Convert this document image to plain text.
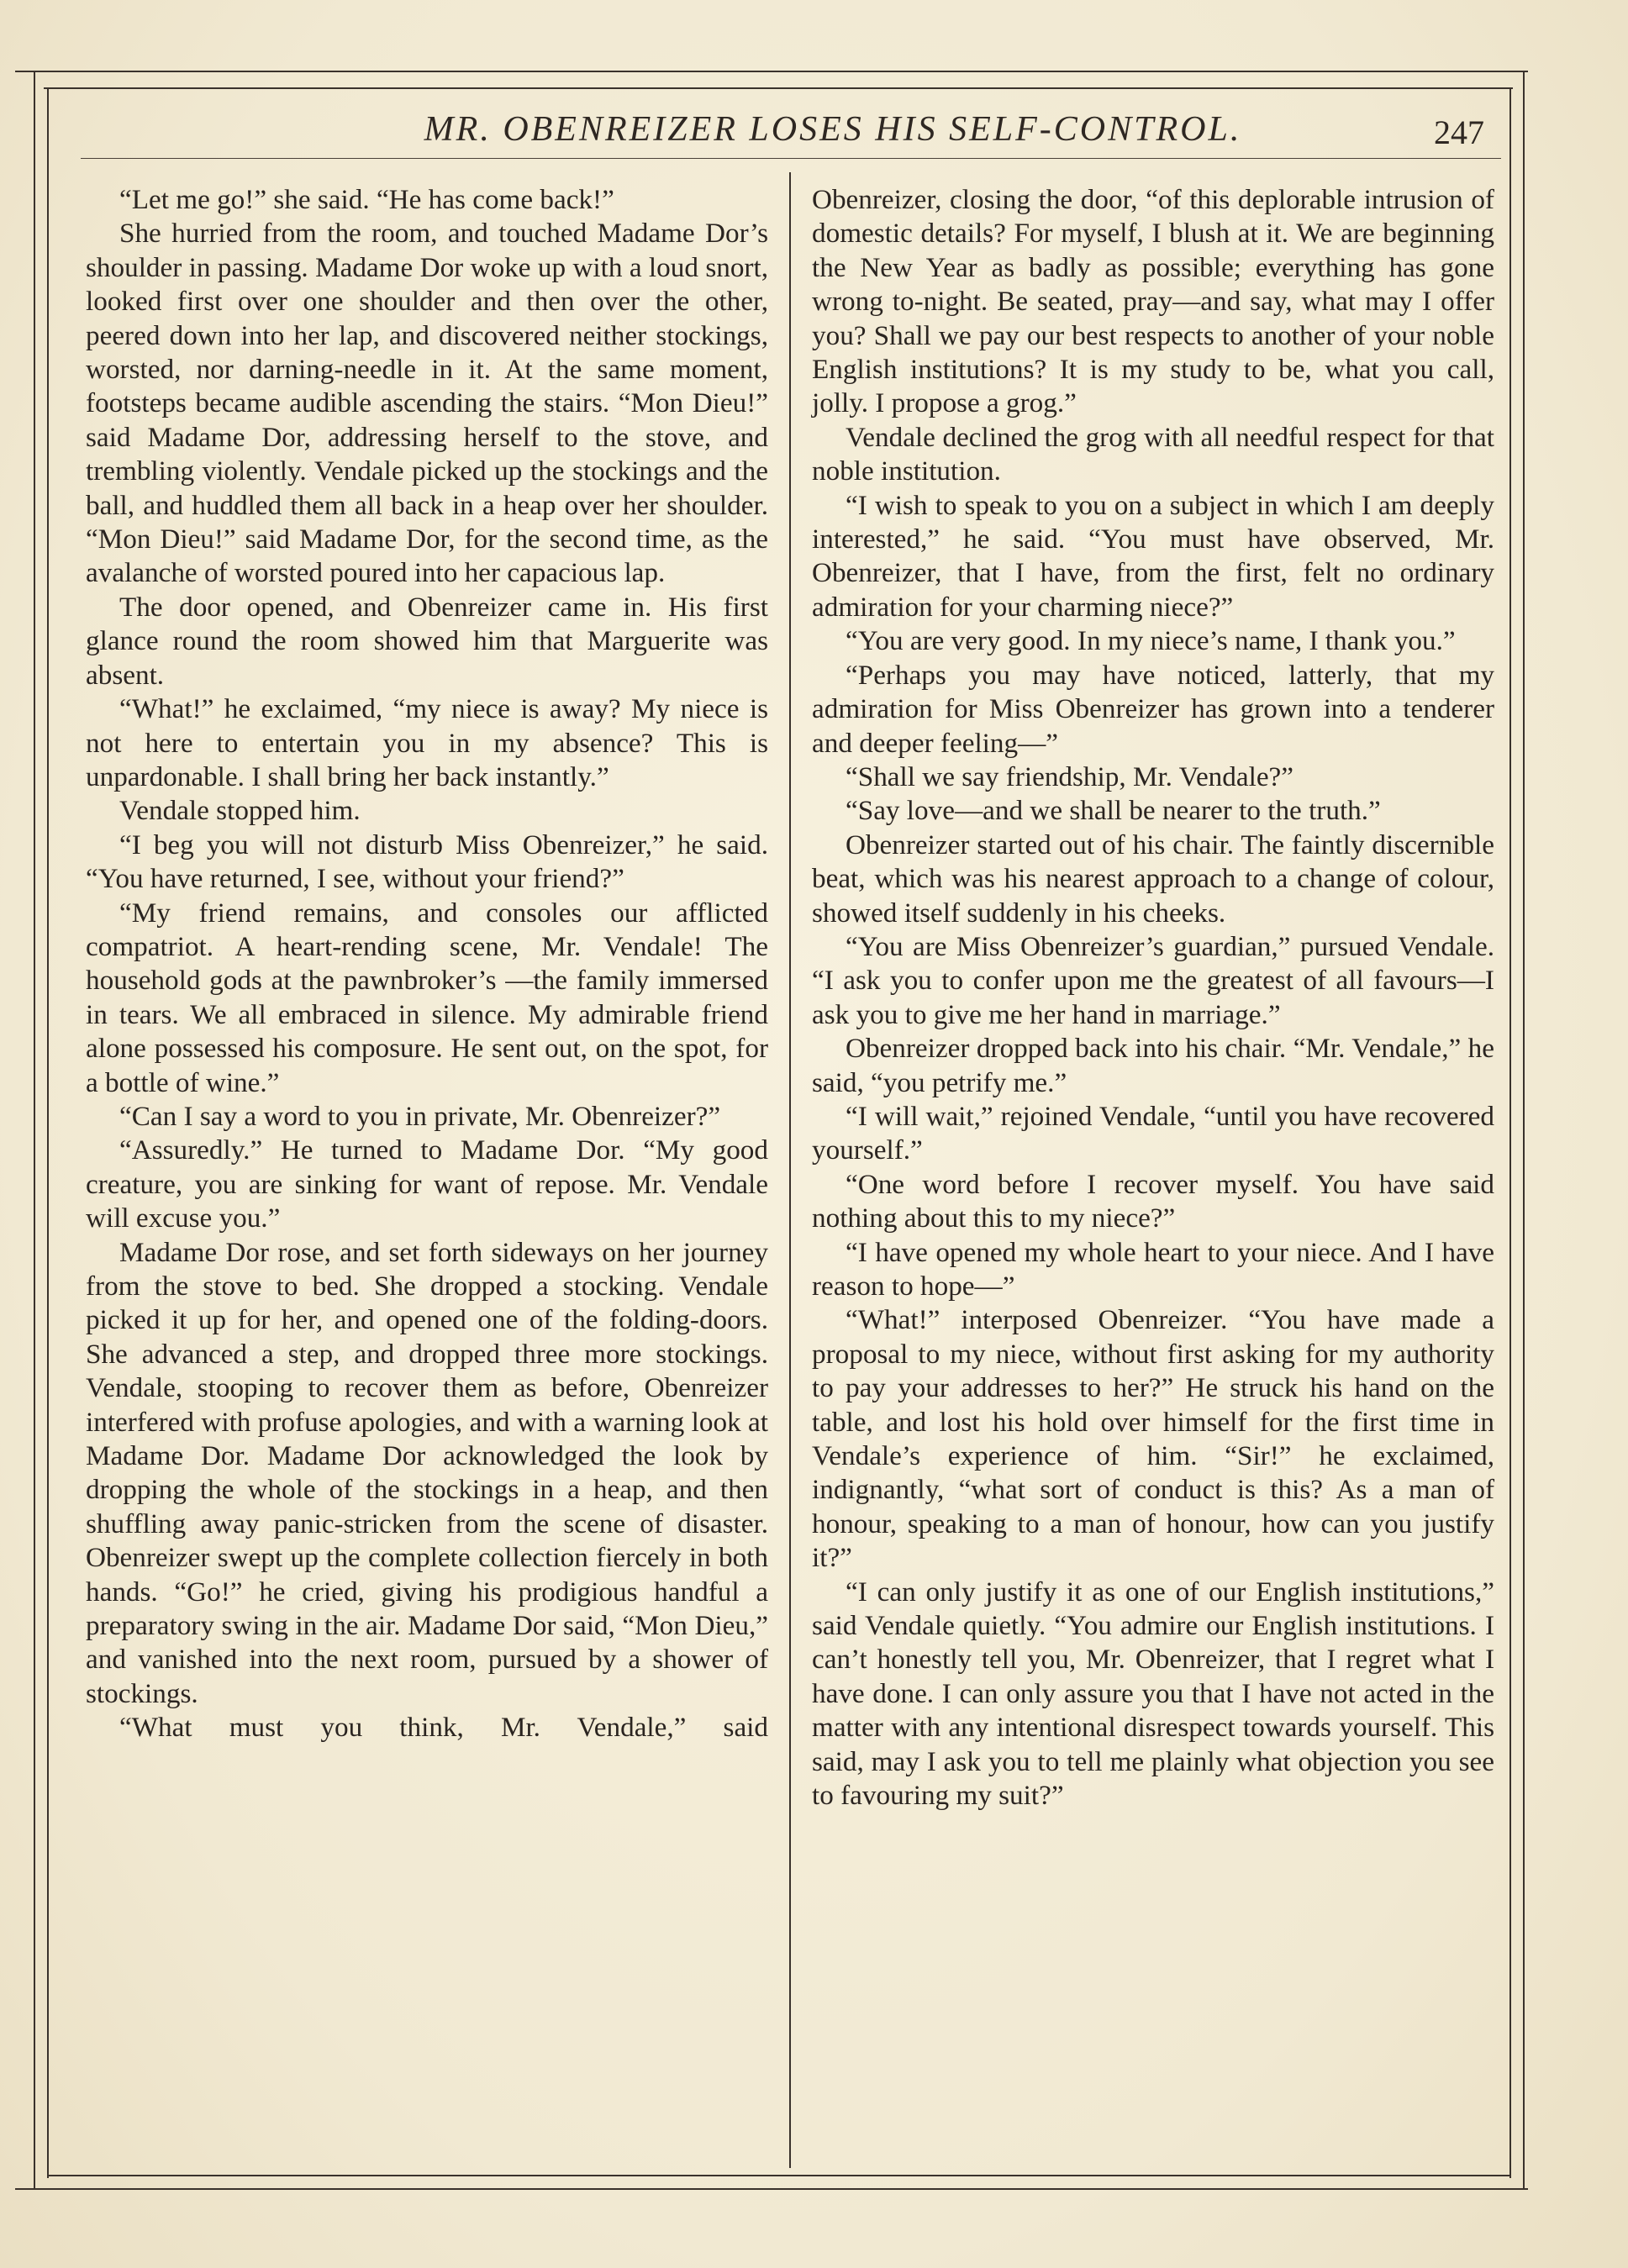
MR. OBENREIZER LOSES HIS SELF-CONTROL.	247

“Let me go!” she said. “He has come back!”

She hurried from the room, and touched Madame Dor’s shoulder in passing. Madame Dor woke up with a loud snort, looked first over one shoulder and then over the other, peered down into her lap, and discovered neither stockings, worsted, nor darning-needle in it. At the same moment, footsteps became audible ascending the stairs. “Mon Dieu!” said Madame Dor, addressing herself to the stove, and trembling violently. Vendale picked up the stockings and the ball, and huddled them all back in a heap over her shoulder. “Mon Dieu!” said Madame Dor, for the second time, as the avalanche of worsted poured into her capacious lap.

The door opened, and Obenreizer came in. His first glance round the room showed him that Marguerite was absent.

“What!” he exclaimed, “my niece is away? My niece is not here to entertain you in my absence? This is unpardonable. I shall bring her back instantly.”

Vendale stopped him.

“I beg you will not disturb Miss Obenreizer,” he said. “You have returned, I see, without your friend?”

“My friend remains, and consoles our afflicted compatriot. A heart-rending scene, Mr. Vendale! The household gods at the pawnbroker’s —the family immersed in tears. We all embraced in silence. My admirable friend alone possessed his composure. He sent out, on the spot, for a bottle of wine.”

“Can I say a word to you in private, Mr. Obenreizer?”

“Assuredly.” He turned to Madame Dor. “My good creature, you are sinking for want of repose. Mr. Vendale will excuse you.”

Madame Dor rose, and set forth sideways on her journey from the stove to bed. She dropped a stocking. Vendale picked it up for her, and opened one of the folding-doors. She advanced a step, and dropped three more stockings. Vendale, stooping to recover them as before, Obenreizer interfered with profuse apologies, and with a warning look at Madame Dor. Madame Dor acknowledged the look by dropping the whole of the stockings in a heap, and then shuffling away panic-stricken from the scene of disaster. Obenreizer swept up the complete collection fiercely in both hands. “Go!” he cried, giving his prodigious handful a preparatory swing in the air. Madame Dor said, “Mon Dieu,” and vanished into the next room, pursued by a shower of stockings.

“What must you think, Mr. Vendale,” said

Obenreizer, closing the door, “of this deplorable intrusion of domestic details? For myself, I blush at it. We are beginning the New Year as badly as possible; everything has gone wrong to-night. Be seated, pray—and say, what may I offer you? Shall we pay our best respects to another of your noble English institutions? It is my study to be, what you call, jolly. I propose a grog.”

Vendale declined the grog with all needful respect for that noble institution.

“I wish to speak to you on a subject in which I am deeply interested,” he said. “You must have observed, Mr. Obenreizer, that I have, from the first, felt no ordinary admiration for your charming niece?”

“You are very good. In my niece’s name, I thank you.”

“Perhaps you may have noticed, latterly, that my admiration for Miss Obenreizer has grown into a tenderer and deeper feeling—”

“Shall we say friendship, Mr. Vendale?”

“Say love—and we shall be nearer to the truth.”

Obenreizer started out of his chair. The faintly discernible beat, which was his nearest approach to a change of colour, showed itself suddenly in his cheeks.

“You are Miss Obenreizer’s guardian,” pursued Vendale. “I ask you to confer upon me the greatest of all favours—I ask you to give me her hand in marriage.”

Obenreizer dropped back into his chair. “Mr. Vendale,” he said, “you petrify me.”

“I will wait,” rejoined Vendale, “until you have recovered yourself.”

“One word before I recover myself. You have said nothing about this to my niece?”

“I have opened my whole heart to your niece. And I have reason to hope—”

“What!” interposed Obenreizer. “You have made a proposal to my niece, without first asking for my authority to pay your addresses to her?” He struck his hand on the table, and lost his hold over himself for the first time in Vendale’s experience of him. “Sir!” he exclaimed, indignantly, “what sort of conduct is this? As a man of honour, speaking to a man of honour, how can you justify it?”

“I can only justify it as one of our English institutions,” said Vendale quietly. “You admire our English institutions. I can’t honestly tell you, Mr. Obenreizer, that I regret what I have done. I can only assure you that I have not acted in the matter with any intentional disrespect towards yourself. This said, may I ask you to tell me plainly what objection you see to favouring my suit?”
